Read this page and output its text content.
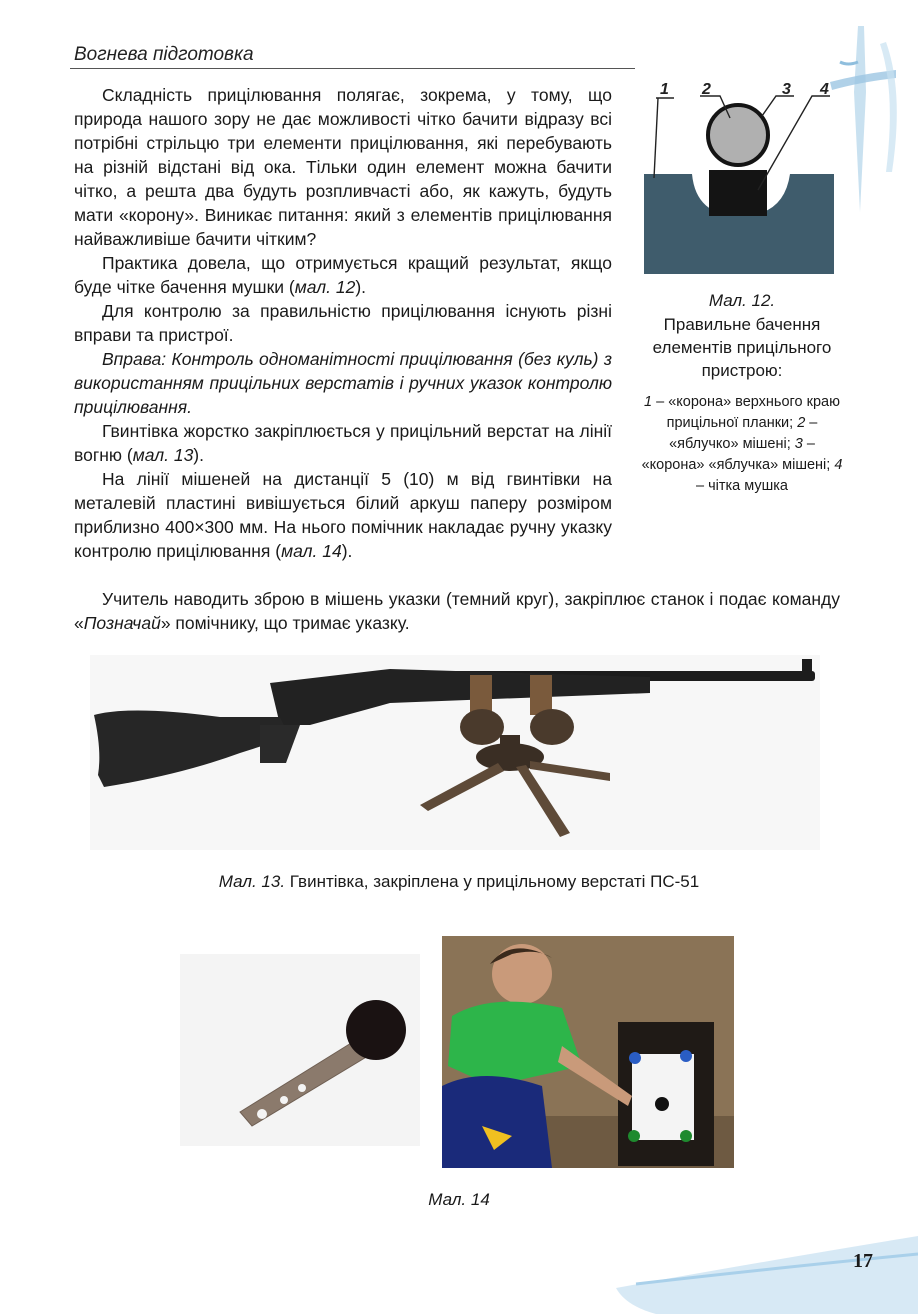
Вогнева підготовка

Складність прицілювання полягає, зокрема, у тому, що природа нашого зору не дає можливості чітко бачити відразу всі потрібні стрільцю три елементи прицілювання, які перебувають на різній відстані від ока. Тільки один елемент можна бачити чітко, а решта два будуть розпливчасті або, як кажуть, будуть мати «корону». Виникає питання: який з елементів прицілювання найважливіше бачити чітким?

Практика довела, що отримується кращий результат, якщо буде чітке бачення мушки (мал. 12).

Для контролю за правильністю прицілювання існують різні вправи та пристрої.

Вправа: Контроль одноманітності прицілювання (без куль) з використанням прицільних верстатів і ручних указок контролю прицілювання.

Гвинтівка жорстко закріплюється у прицільний верстат на лінії вогню (мал. 13).

На лінії мішеней на дистанції 5 (10) м від гвинтівки на металевій пластині вивішується білий аркуш паперу розміром приблизно 400×300 мм. На нього помічник накладає ручну указку контролю прицілювання (мал. 14).

Учитель наводить зброю в мішень указки (темний круг), закріплює станок і подає команду «Позначай» помічнику, що тримає указку.

1 2	3 4
Мал. 12.
Правильне бачення елементів прицільного пристрою:
1 – «корона» верхнього краю прицільної планки; 2 – «яблучко» мішені; 3 – «корона» «яблучка» мішені; 4 – чітка мушка
Мал. 13. Гвинтівка, закріплена у прицільному верстаті ПС-51
Мал. 14
17
